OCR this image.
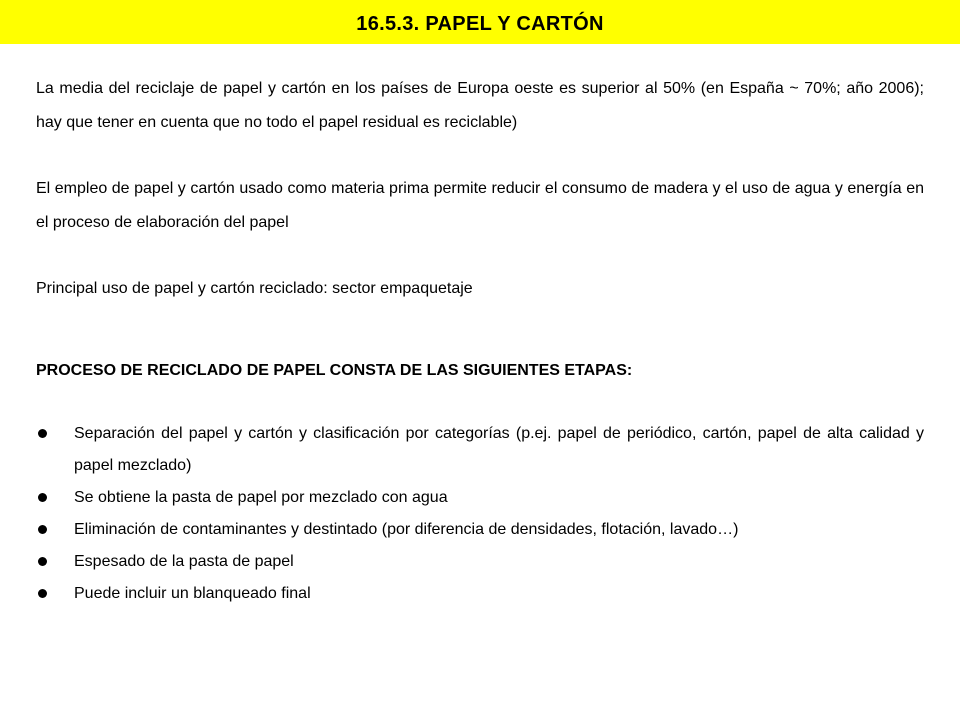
16.5.3. PAPEL Y CARTÓN

La media del reciclaje de papel y cartón en los países de Europa oeste es superior al 50% (en España ~ 70%; año 2006); hay que tener en cuenta que no todo el papel residual es reciclable)

El empleo de papel y cartón usado como materia prima permite reducir el consumo de madera y el uso de agua y energía en el proceso de elaboración del papel

Principal uso de papel y cartón reciclado: sector empaquetaje

PROCESO DE RECICLADO DE PAPEL CONSTA DE LAS SIGUIENTES ETAPAS:

Separación del papel y cartón y clasificación por categorías (p.ej. papel de periódico, cartón, papel de alta calidad y papel mezclado)
Se obtiene la pasta de papel por mezclado con agua
Eliminación de contaminantes y destintado (por diferencia de densidades, flotación, lavado…)
Espesado de la pasta de papel
Puede incluir un blanqueado final
